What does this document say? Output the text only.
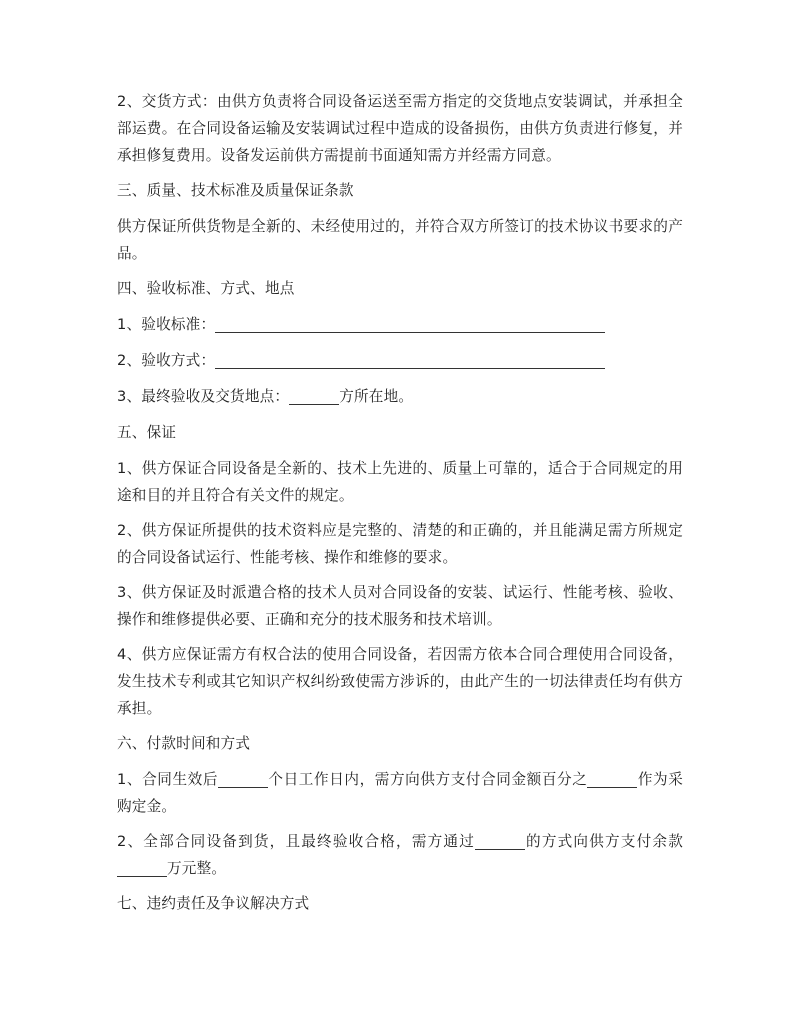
2、交货方式：由供方负责将合同设备运送至需方指定的交货地点安装调试，并承担全部运费。在合同设备运输及安装调试过程中造成的设备损伤，由供方负责进行修复，并承担修复费用。设备发运前供方需提前书面通知需方并经需方同意。

三、质量、技术标准及质量保证条款

供方保证所供货物是全新的、未经使用过的，并符合双方所签订的技术协议书要求的产品。

四、验收标准、方式、地点

1、验收标准：

2、验收方式：

3、最终验收及交货地点：	方所在地。

五、保证

1、供方保证合同设备是全新的、技术上先进的、质量上可靠的，适合于合同规定的用途和目的并且符合有关文件的规定。

2、供方保证所提供的技术资料应是完整的、清楚的和正确的，并且能满足需方所规定的合同设备试运行、性能考核、操作和维修的要求。

3、供方保证及时派遣合格的技术人员对合同设备的安装、试运行、性能考核、验收、操作和维修提供必要、正确和充分的技术服务和技术培训。

4、供方应保证需方有权合法的使用合同设备，若因需方依本合同合理使用合同设备，发生技术专利或其它知识产权纠纷致使需方涉诉的，由此产生的一切法律责任均有供方承担。

六、付款时间和方式

1、合同生效后	个日工作日内，需方向供方支付合同金额百分之	作为采购定金。

2、全部合同设备到货，且最终验收合格，需方通过	的方式向供方支付余款万元整。

七、违约责任及争议解决方式
